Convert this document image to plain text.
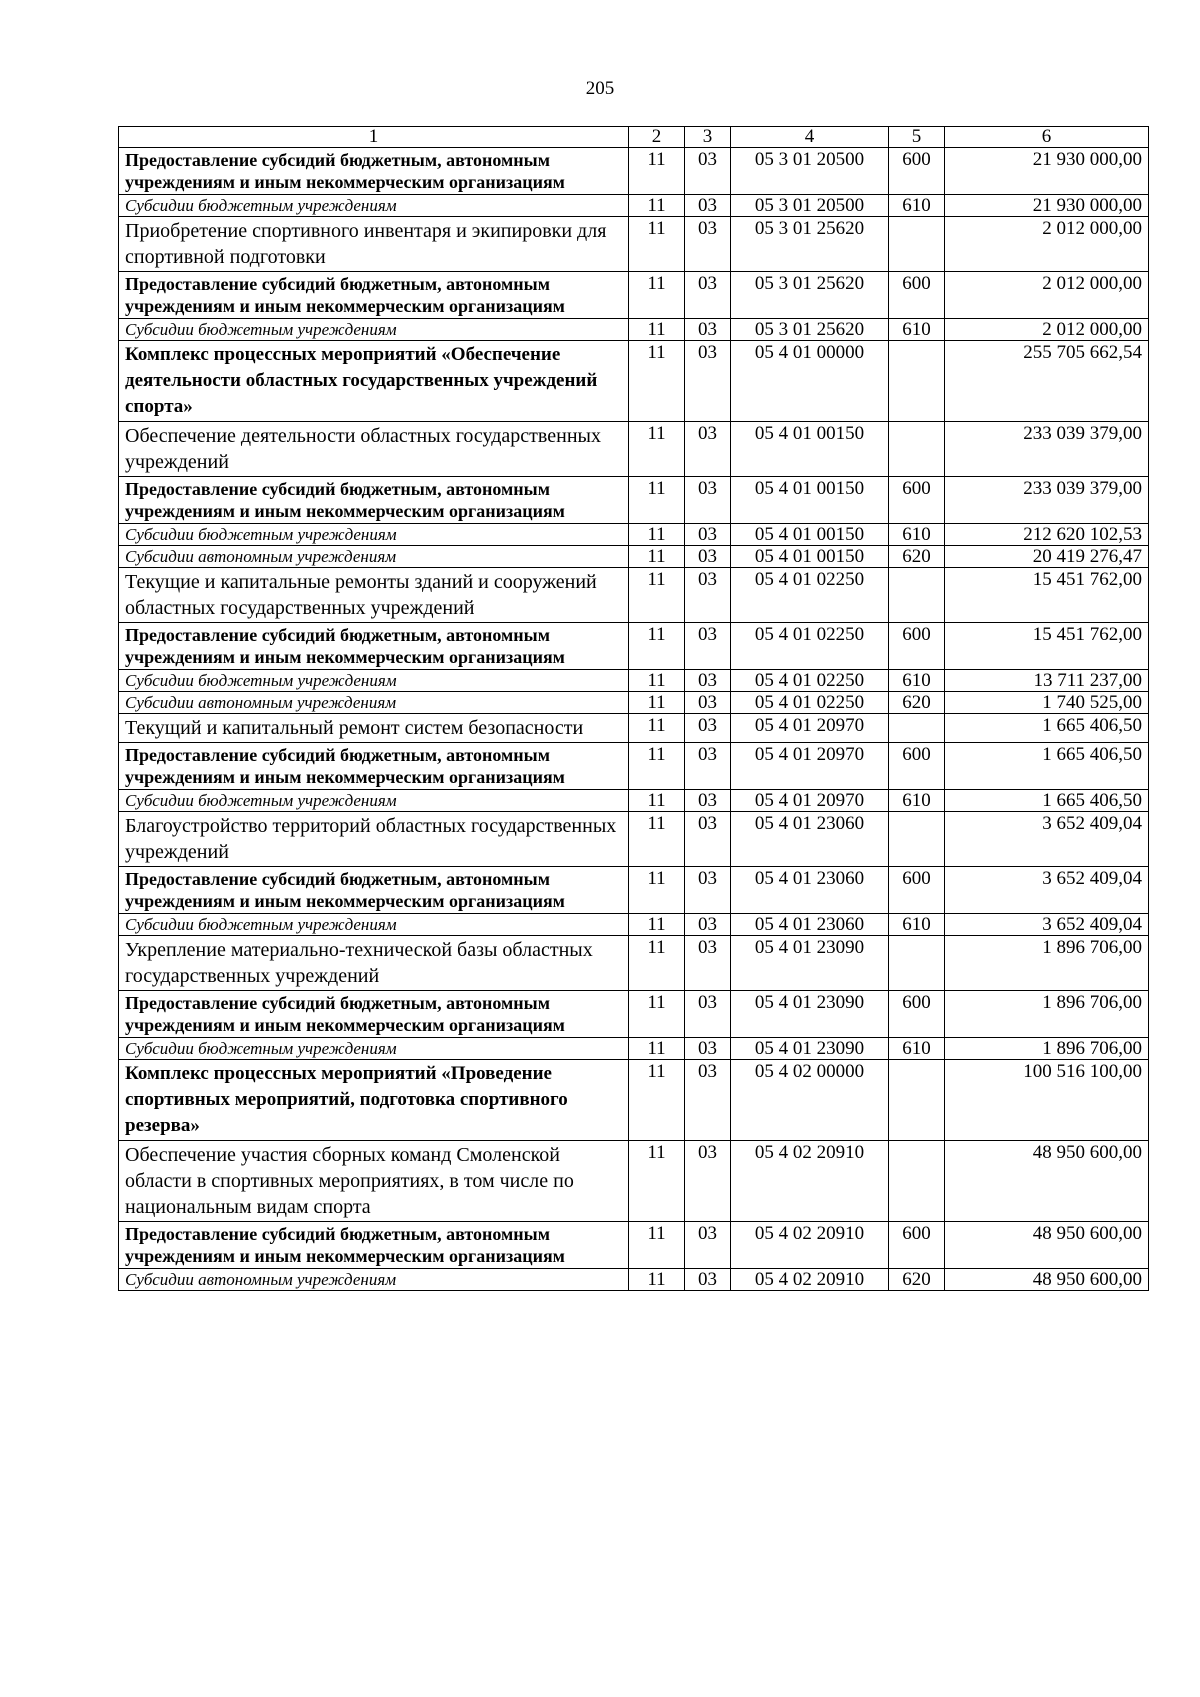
205
1	2	3	4	5	6
Предоставление субсидий бюджетным, автономным учреждениям и иным некоммерческим организациям	11	03	05 3 01 20500	600	21 930 000,00
Субсидии бюджетным учреждениям	11	03	05 3 01 20500	610	21 930 000,00
Приобретение спортивного инвентаря и экипировки для спортивной подготовки	11	03	05 3 01 25620		2 012 000,00
Предоставление субсидий бюджетным, автономным учреждениям и иным некоммерческим организациям	11	03	05 3 01 25620	600	2 012 000,00
Субсидии бюджетным учреждениям	11	03	05 3 01 25620	610	2 012 000,00
Комплекс процессных мероприятий «Обеспечение деятельности областных государственных учреждений спорта»	11	03	05 4 01 00000		255 705 662,54
Обеспечение деятельности областных государственных учреждений	11	03	05 4 01 00150		233 039 379,00
Предоставление субсидий бюджетным, автономным учреждениям и иным некоммерческим организациям	11	03	05 4 01 00150	600	233 039 379,00
Субсидии бюджетным учреждениям	11	03	05 4 01 00150	610	212 620 102,53
Субсидии автономным учреждениям	11	03	05 4 01 00150	620	20 419 276,47
Текущие и капитальные ремонты зданий и сооружений областных государственных учреждений	11	03	05 4 01 02250		15 451 762,00
Предоставление субсидий бюджетным, автономным учреждениям и иным некоммерческим организациям	11	03	05 4 01 02250	600	15 451 762,00
Субсидии бюджетным учреждениям	11	03	05 4 01 02250	610	13 711 237,00
Субсидии автономным учреждениям	11	03	05 4 01 02250	620	1 740 525,00
Текущий и капитальный ремонт систем безопасности	11	03	05 4 01 20970		1 665 406,50
Предоставление субсидий бюджетным, автономным учреждениям и иным некоммерческим организациям	11	03	05 4 01 20970	600	1 665 406,50
Субсидии бюджетным учреждениям	11	03	05 4 01 20970	610	1 665 406,50
Благоустройство территорий областных государственных учреждений	11	03	05 4 01 23060		3 652 409,04
Предоставление субсидий бюджетным, автономным учреждениям и иным некоммерческим организациям	11	03	05 4 01 23060	600	3 652 409,04
Субсидии бюджетным учреждениям	11	03	05 4 01 23060	610	3 652 409,04
Укрепление материально-технической базы областных государственных учреждений	11	03	05 4 01 23090		1 896 706,00
Предоставление субсидий бюджетным, автономным учреждениям и иным некоммерческим организациям	11	03	05 4 01 23090	600	1 896 706,00
Субсидии бюджетным учреждениям	11	03	05 4 01 23090	610	1 896 706,00
Комплекс процессных мероприятий «Проведение спортивных мероприятий, подготовка спортивного резерва»	11	03	05 4 02 00000		100 516 100,00
Обеспечение участия сборных команд Смоленской области в спортивных мероприятиях, в том числе по национальным видам спорта	11	03	05 4 02 20910		48 950 600,00
Предоставление субсидий бюджетным, автономным учреждениям и иным некоммерческим организациям	11	03	05 4 02 20910	600	48 950 600,00
Субсидии автономным учреждениям	11	03	05 4 02 20910	620	48 950 600,00
